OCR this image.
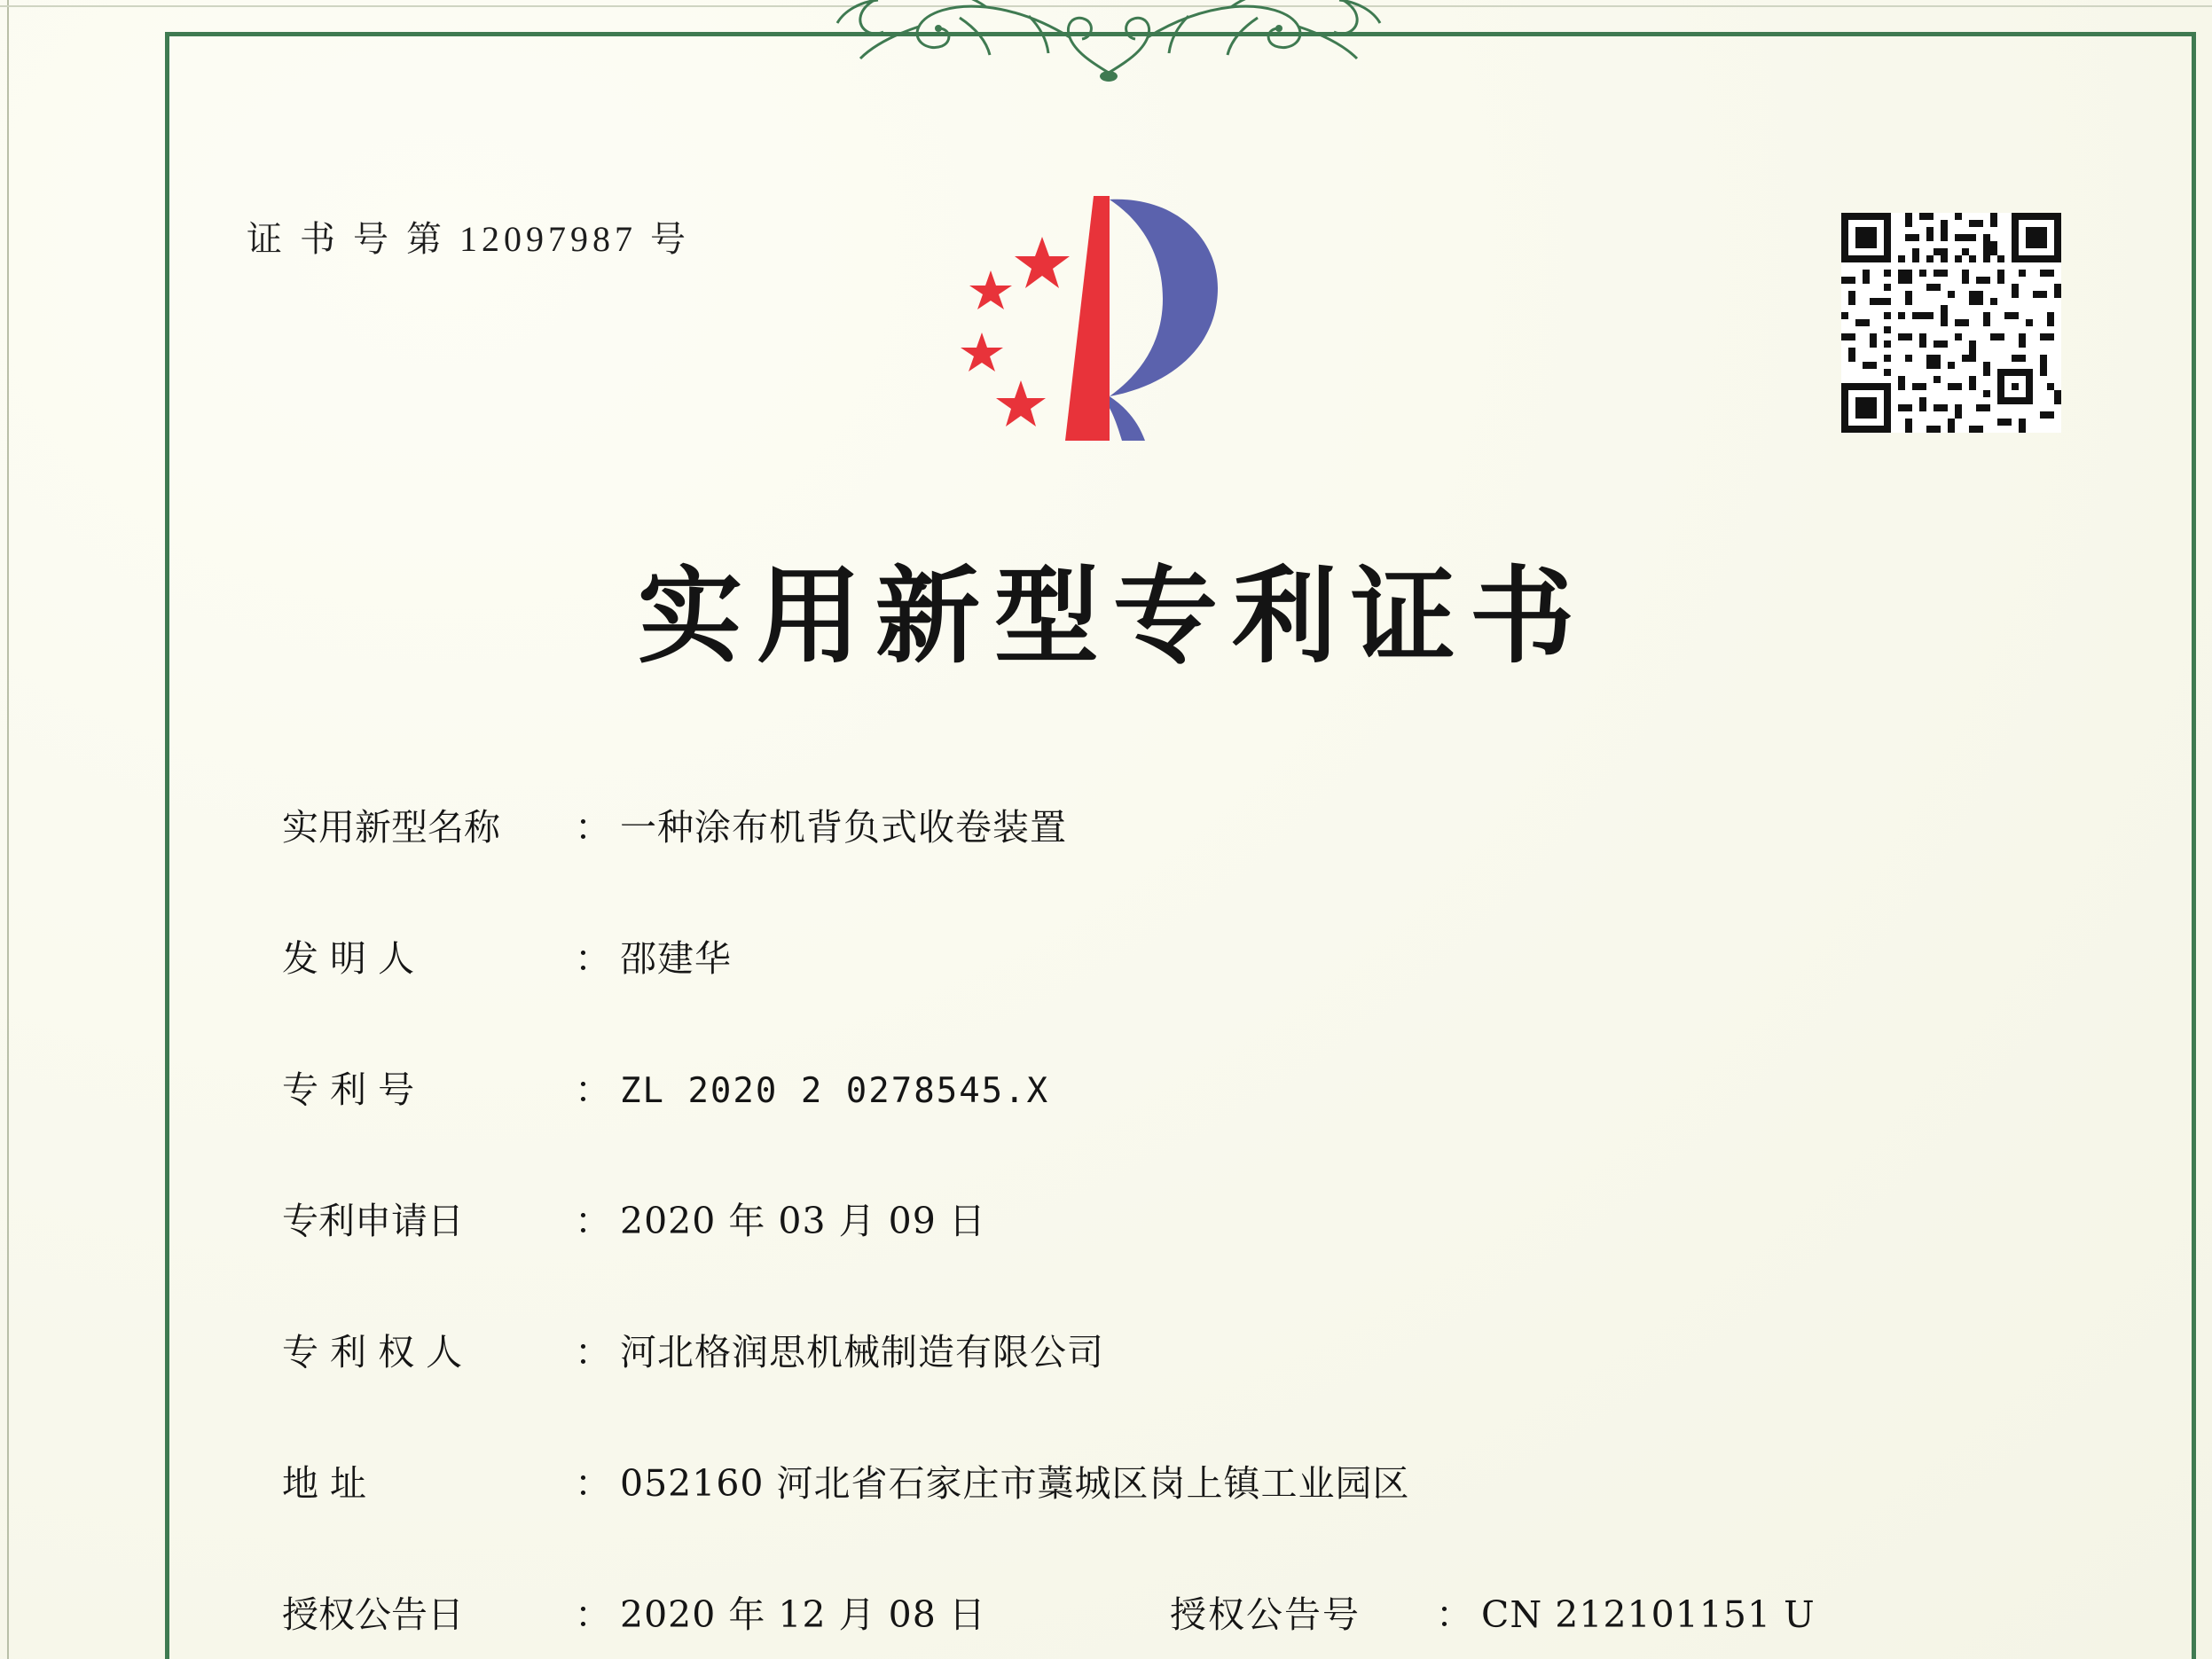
证 书 号 第 12097987 号
实用新型专利证书
实用新型名称	： 一种涂布机背负式收卷装置
发 明 人	： 邵建华
专 利 号	： ZL 2020 2 0278545.X
专利申请日	： 2020 年 03 月 09 日
专 利 权 人	： 河北格润思机械制造有限公司
地 址	： 052160 河北省石家庄市藁城区岗上镇工业园区
授权公告日	： 2020 年 12 月 08 日	授权公告号	： CN 212101151 U
